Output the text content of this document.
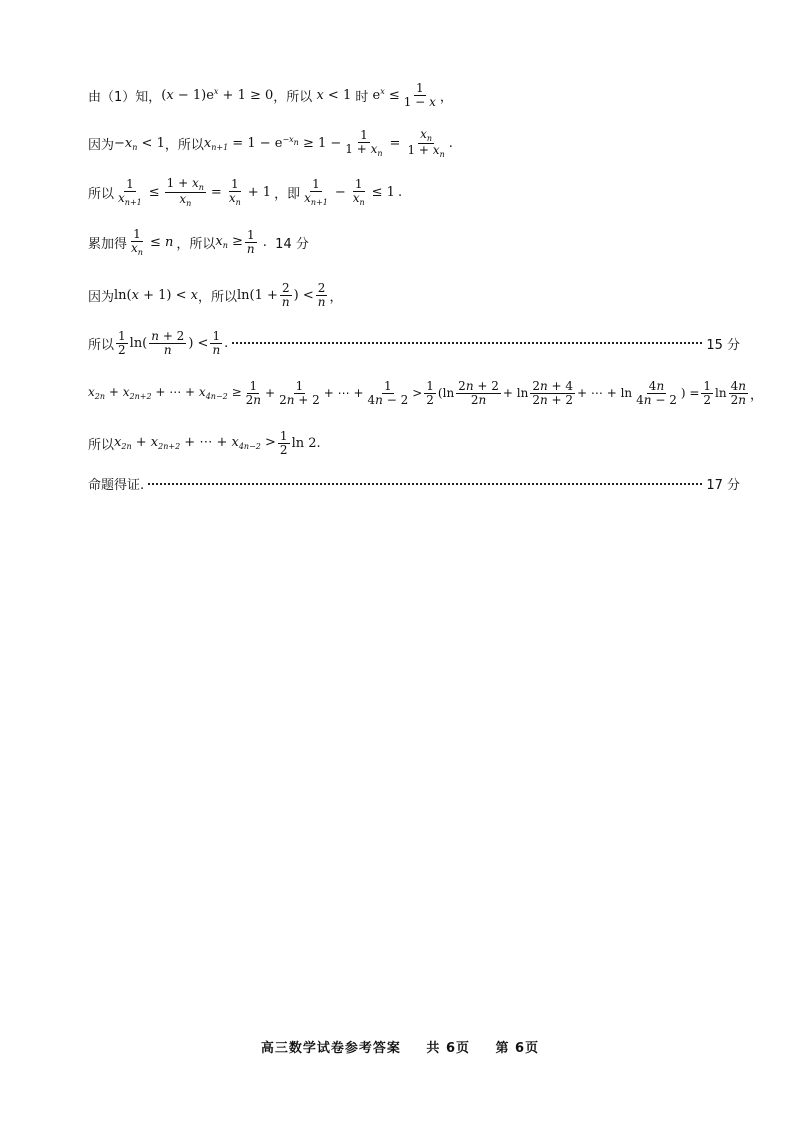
由（1）知， $(x - 1)e^x + 1 \ge 0$ ，所以 x < 1 时 $e^x \le \frac{1}{1 - x}$ ，
因为 $-x_n < 1$ ，所以 $x_{n+1} = 1 - e^{-x_n} \ge 1 - \frac{1}{1 + x_n} = \frac{x_n}{1 + x_n}$ .
所以 $\frac{1}{x_{n+1}} \le \frac{1 + x_n}{x_n} = \frac{1}{x_n} + 1$ ，即 $\frac{1}{x_{n+1}} - \frac{1}{x_n} \le 1$ .
累加得 $\frac{1}{x_n} \le n$ ，所以 $x_n \ge \frac{1}{n}$ . 14 分
因为 ln(x + 1) < x ，所以 $\ln(1 + \frac{2}{n}$ ) < $\frac{2}{n}$ ，
所以 $\frac{1}{2} \ln( \frac{n + 2}{n}$ ) < $\frac{1}{n}$ .	15 分
$x_{2n} + x_{2n+2}$ + ⋯ + $x_{4n-2} \ge \frac{1}{2n} + \frac{1}{2n + 2}$ + ⋯ + $\frac{1}{4n - 2} > \frac{1}{2} (\ln \frac{2n + 2}{2n} + \ln \frac{2n + 4}{2n + 2}$ + ⋯ + $\ln \frac{4n}{4n - 2}$ ) = $\frac{1}{2}$ $\ln \frac{4n}{2n}$ ，
所以 $x_{2n} + x_{2n+2}$ + ⋯ + $x_{4n-2} > \frac{1}{2}$ ln 2 .
命题得证.	17 分
高三数学试卷参考答案 共 6页 第 6页
